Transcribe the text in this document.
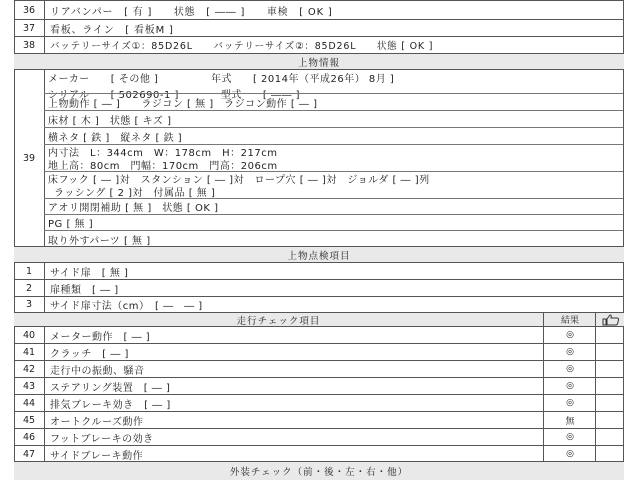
36	リアバンパー　[ 有 ]　　状態　[ ―― ]　　車検　[ OK ]
37	看板、ライン　[ 看板M ]
38	バッテリーサイズ①：85D26L　　バッテリーサイズ②：85D26L　　状態 [ OK ]
上物情報
39
メーカー　　[ その他 ]　　　　　年式　　[ 2014年（平成26年） 8月 ]
シリアル　　[ 502690-1 ]　　　　型式　　[ ―― ]
上物動作 [ ― ]　　ラジコン [ 無 ]　ラジコン動作 [ ― ]
床材 [ 木 ]　状態 [ キズ ]
横ネタ [ 鉄 ]　縦ネタ [ 鉄 ]
内寸法　L：344cm　W：178cm　H：217cm
地上高：80cm　門幅：170cm　門高：206cm
床フック [ ― ]対　スタンション [ ― ]対　ロープ穴 [ ― ]対　ジョルダ [ ― ]列
ラッシング [ 2 ]対　付属品 [ 無 ]
アオリ開閉補助 [ 無 ]　状態 [ OK ]
PG [ 無 ]
取り外すパーツ [ 無 ]
上物点検項目
1	サイド扉　[ 無 ]
2	扉種類　[ ― ]
3	サイド扉寸法（cm）　[ ―　― ]
走行チェック項目	結果
40	メーター動作　[ ― ]	◎
41	クラッチ　[ ― ]	◎
42	走行中の振動、騒音	◎
43	ステアリング装置　[ ― ]	◎
44	排気ブレーキ効き　[ ― ]	◎
45	オートクルーズ動作	無
46	フットブレーキの効き	◎
47	サイドブレーキ動作	◎
外装チェック（前・後・左・右・他）
